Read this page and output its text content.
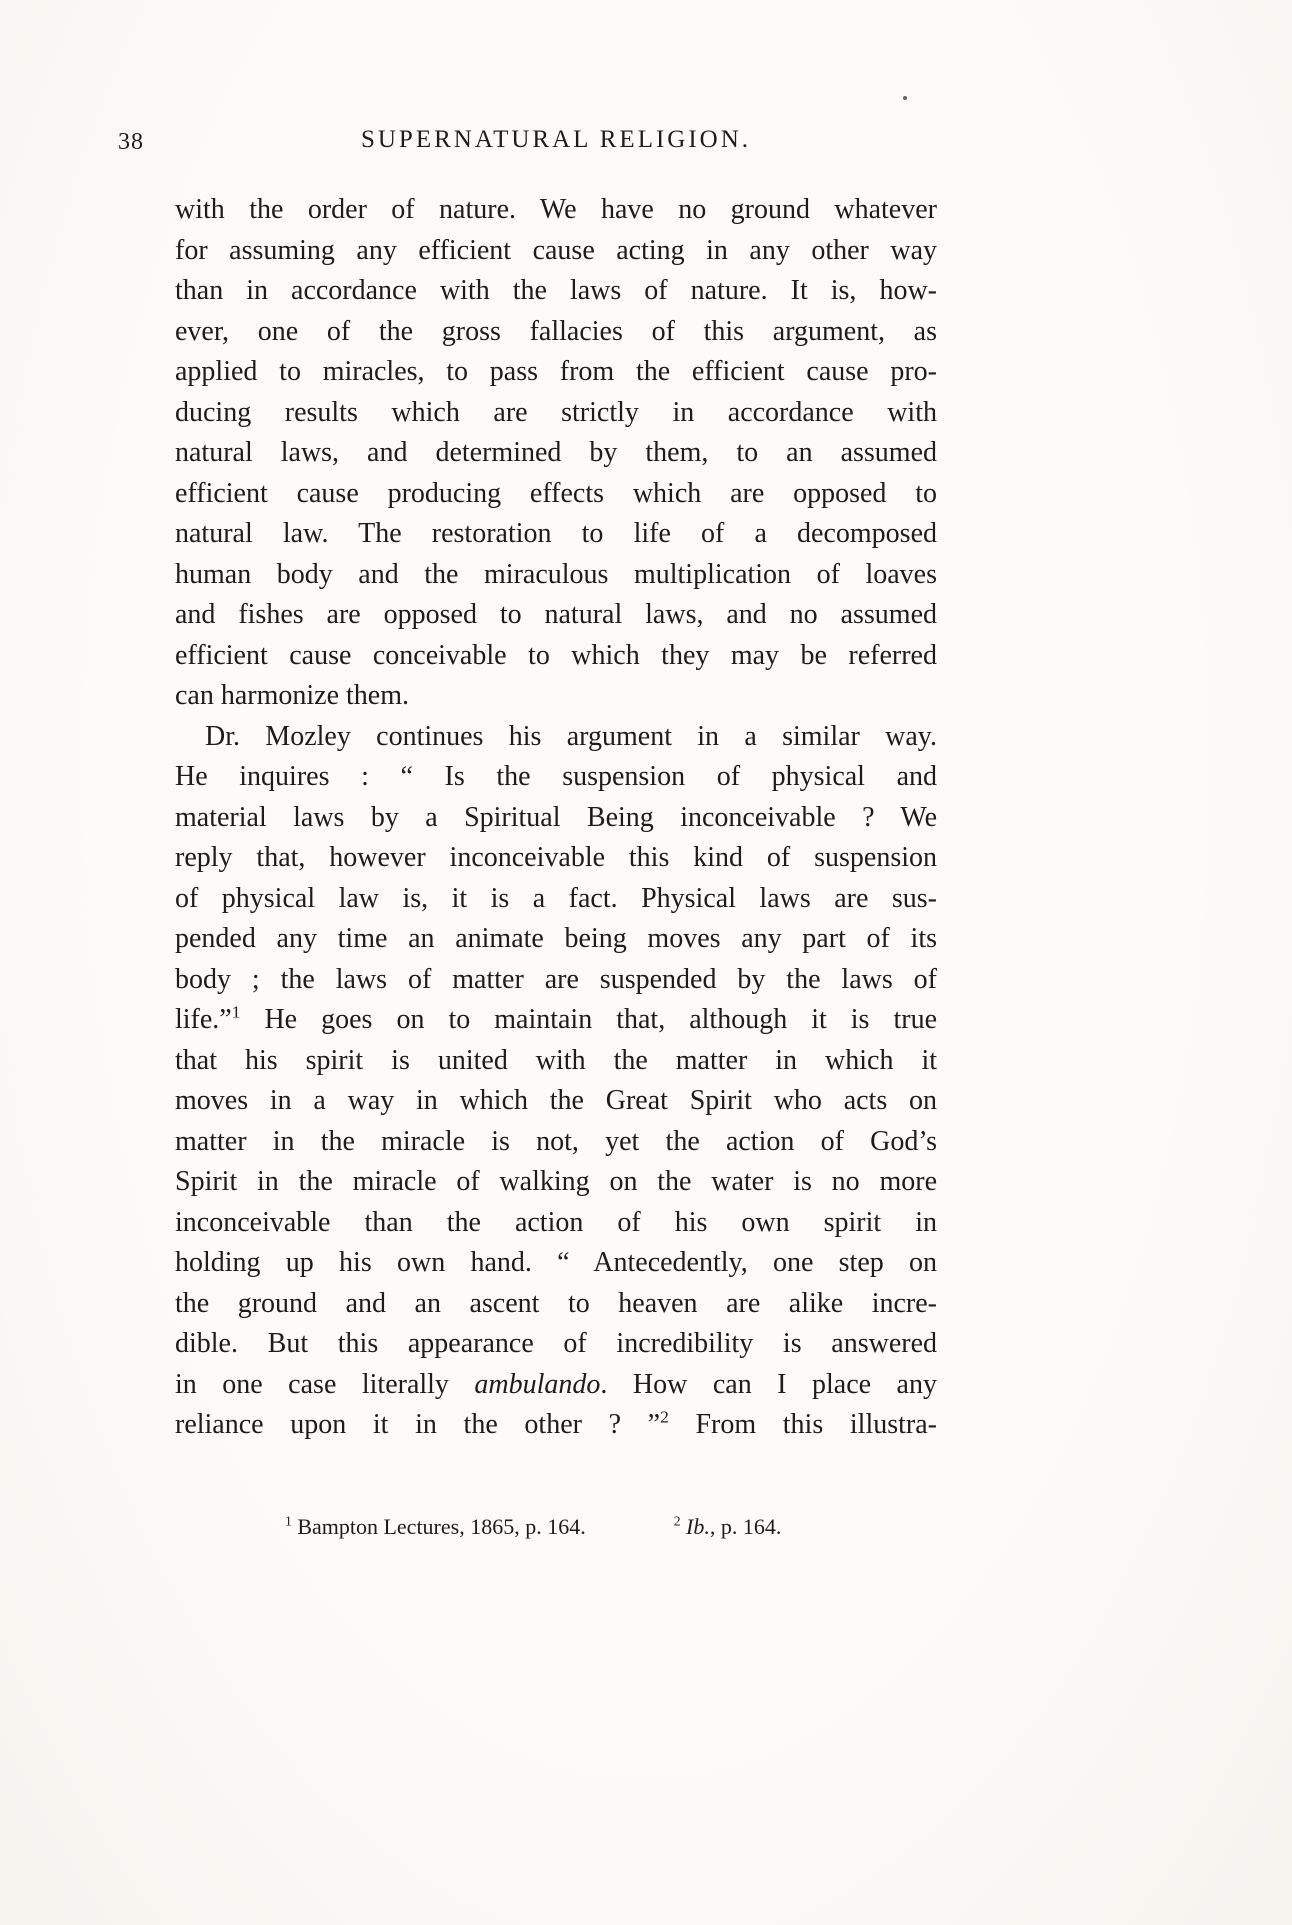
38	SUPERNATURAL RELIGION.
with the order of nature. We have no ground whatever
for assuming any efficient cause acting in any other way
than in accordance with the laws of nature. It is, how-
ever, one of the gross fallacies of this argument, as
applied to miracles, to pass from the efficient cause pro-
ducing results which are strictly in accordance with
natural laws, and determined by them, to an assumed
efficient cause producing effects which are opposed to
natural law. The restoration to life of a decomposed
human body and the miraculous multiplication of loaves
and fishes are opposed to natural laws, and no assumed
efficient cause conceivable to which they may be referred
can harmonize them.
Dr. Mozley continues his argument in a similar way.
He inquires : “ Is the suspension of physical and
material laws by a Spiritual Being inconceivable ? We
reply that, however inconceivable this kind of suspension
of physical law is, it is a fact. Physical laws are sus-
pended any time an animate being moves any part of its
body ; the laws of matter are suspended by the laws of
life.”$^1$ He goes on to maintain that, although it is true
that his spirit is united with the matter in which it
moves in a way in which the Great Spirit who acts on
matter in the miracle is not, yet the action of God’s
Spirit in the miracle of walking on the water is no more
inconceivable than the action of his own spirit in
holding up his own hand. “ Antecedently, one step on
the ground and an ascent to heaven are alike incre-
dible. But this appearance of incredibility is answered
in one case literally ambulando. How can I place any
reliance upon it in the other ? ”$^2$ From this illustra-
$^1$ Bampton Lectures, 1865, p. 164.	$^2$ Ib., p. 164.
